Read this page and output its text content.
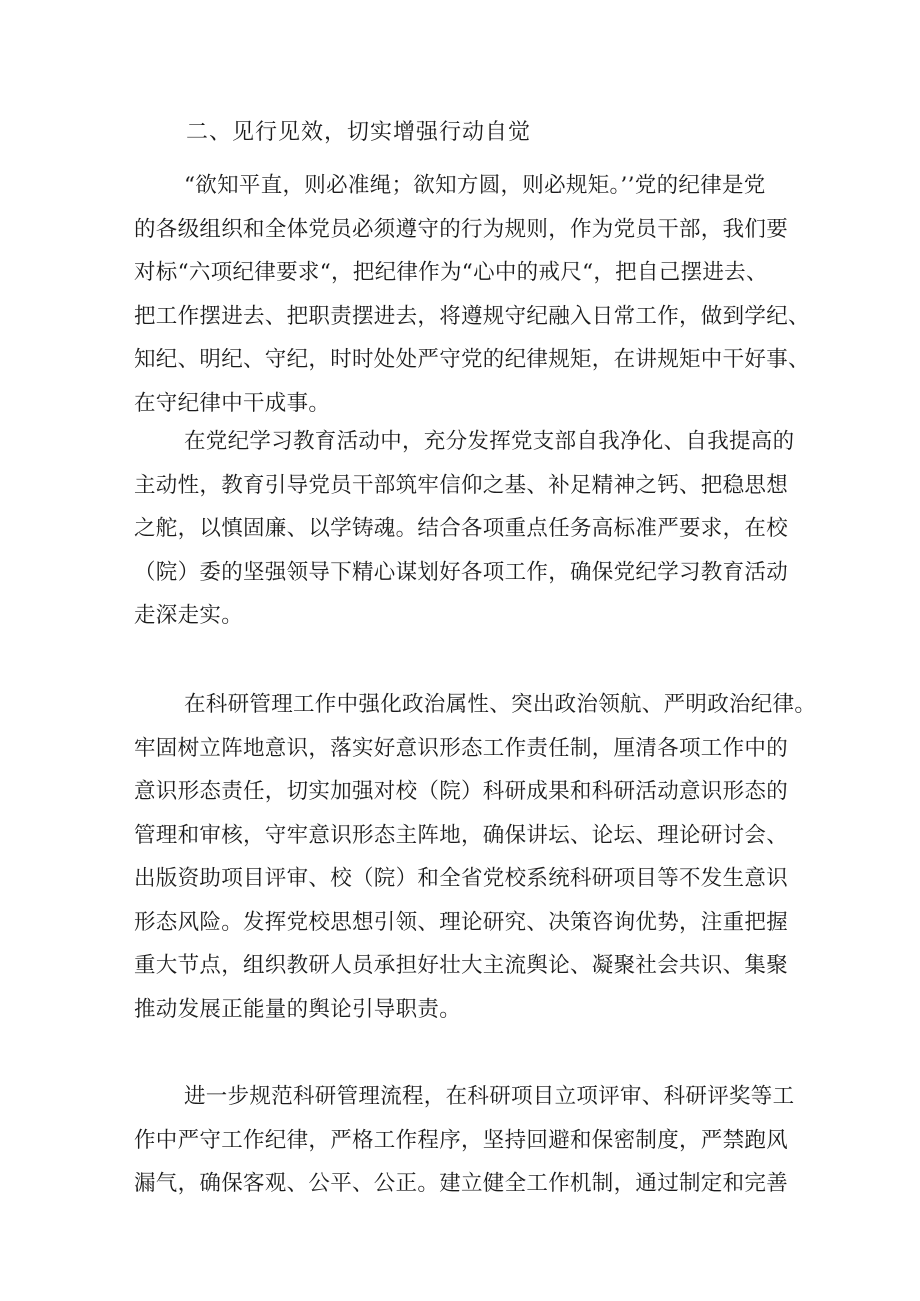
二、见行见效，切实增强行动自觉
“欲知平直，则必准绳；欲知方圆，则必规矩。’’党的纪律是党
的各级组织和全体党员必须遵守的行为规则，作为党员干部，我们要
对标“六项纪律要求“，把纪律作为“心中的戒尺“，把自己摆进去、
把工作摆进去、把职责摆进去，将遵规守纪融入日常工作，做到学纪、
知纪、明纪、守纪，时时处处严守党的纪律规矩，在讲规矩中干好事、
在守纪律中干成事。
在党纪学习教育活动中，充分发挥党支部自我净化、自我提高的
主动性，教育引导党员干部筑牢信仰之基、补足精神之钙、把稳思想
之舵，以慎固廉、以学铸魂。结合各项重点任务高标准严要求，在校
（院）委的坚强领导下精心谋划好各项工作，确保党纪学习教育活动
走深走实。
在科研管理工作中强化政治属性、突出政治领航、严明政治纪律。
牢固树立阵地意识，落实好意识形态工作责任制，厘清各项工作中的
意识形态责任，切实加强对校（院）科研成果和科研活动意识形态的
管理和审核，守牢意识形态主阵地，确保讲坛、论坛、理论研讨会、
出版资助项目评审、校（院）和全省党校系统科研项目等不发生意识
形态风险。发挥党校思想引领、理论研究、决策咨询优势，注重把握
重大节点，组织教研人员承担好壮大主流舆论、凝聚社会共识、集聚
推动发展正能量的舆论引导职责。
进一步规范科研管理流程，在科研项目立项评审、科研评奖等工
作中严守工作纪律，严格工作程序，坚持回避和保密制度，严禁跑风
漏气，确保客观、公平、公正。建立健全工作机制，通过制定和完善
